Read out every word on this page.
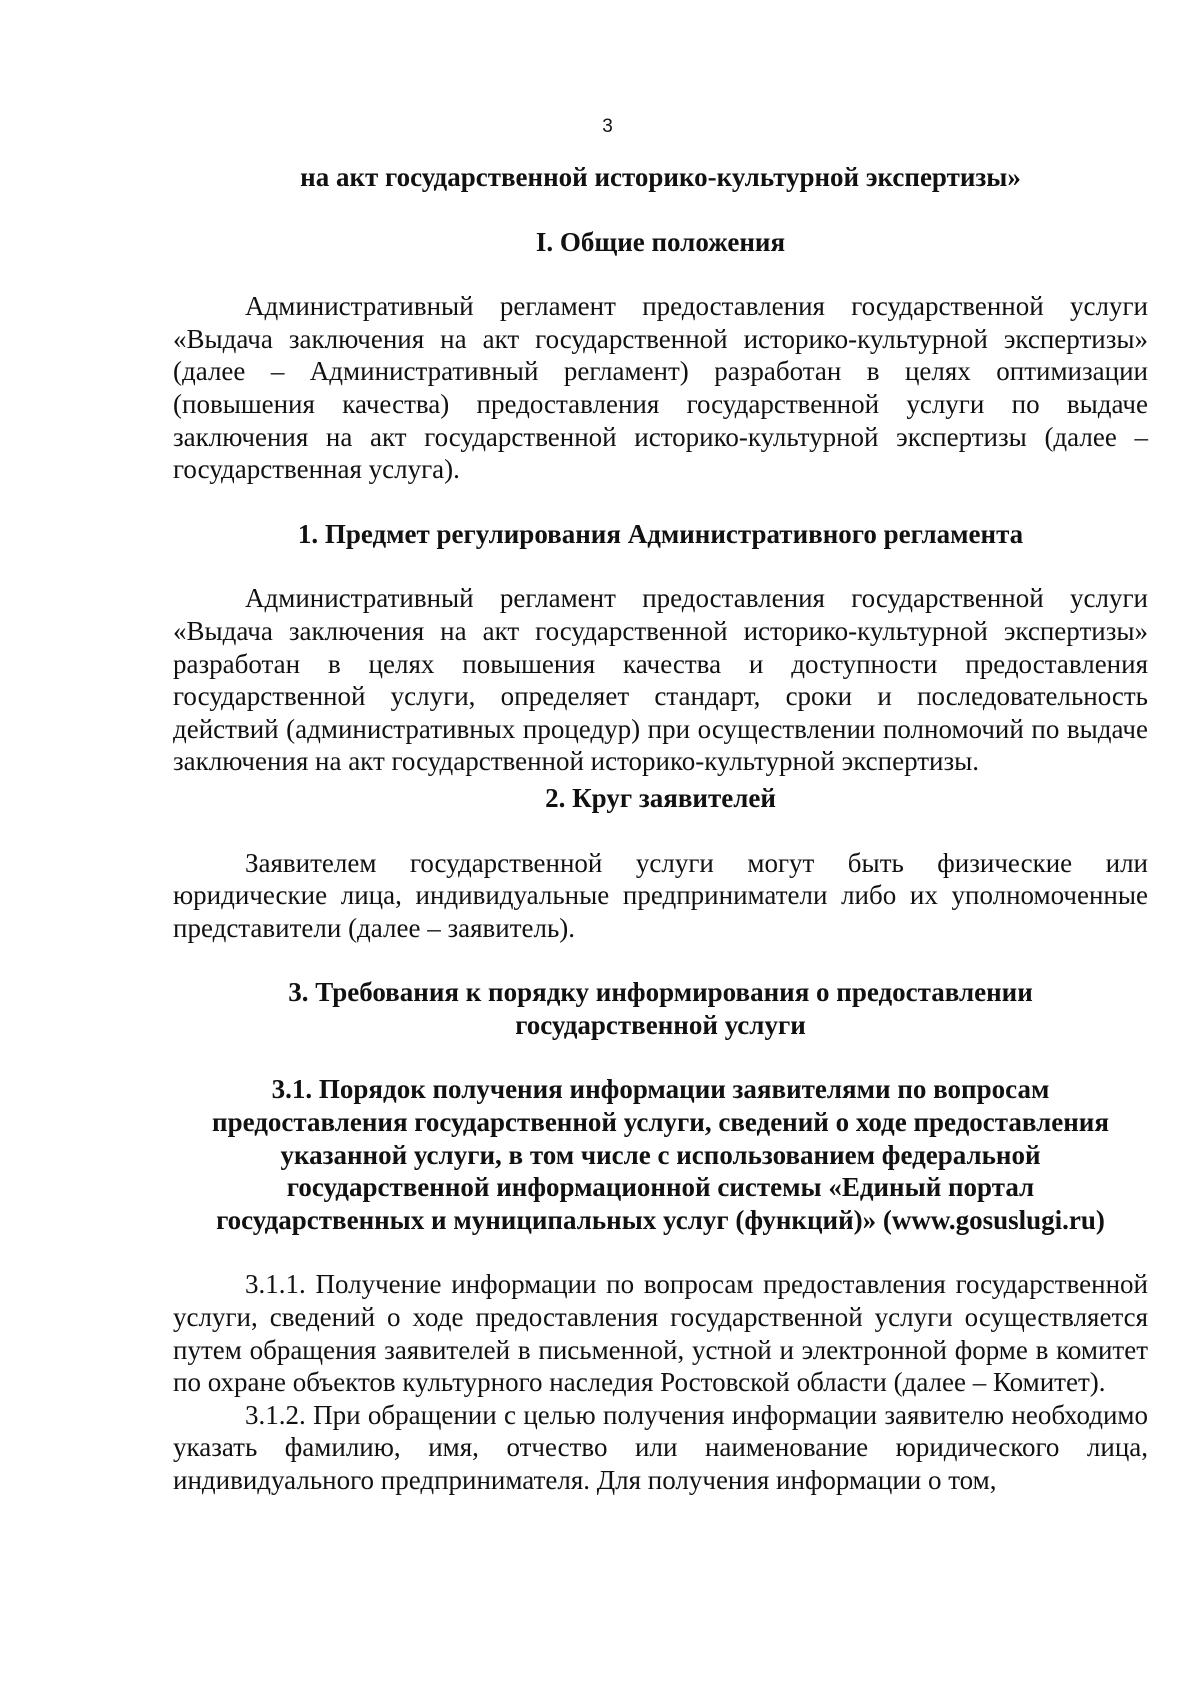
3

на акт государственной историко-культурной экспертизы»

I. Общие положения

Административный регламент предоставления государственной услуги «Выдача заключения на акт государственной историко-культурной экспертизы» (далее – Административный регламент) разработан в целях оптимизации (повышения качества) предоставления государственной услуги по выдаче заключения на акт государственной историко-культурной экспертизы (далее – государственная услуга).

1. Предмет регулирования Административного регламента

Административный регламент предоставления государственной услуги «Выдача заключения на акт государственной историко-культурной экспертизы» разработан в целях повышения качества и доступности предоставления государственной услуги, определяет стандарт, сроки и последовательность действий (административных процедур) при осуществлении полномочий по выдаче заключения на акт государственной историко-культурной экспертизы.

2. Круг заявителей

Заявителем государственной услуги могут быть физические или юридические лица, индивидуальные предприниматели либо их уполномоченные представители (далее – заявитель).

3. Требования к порядку информирования о предоставлении

государственной услуги

3.1. Порядок получения информации заявителями по вопросам

предоставления государственной услуги, сведений о ходе предоставления

указанной услуги, в том числе с использованием федеральной

государственной информационной системы «Единый портал

государственных и муниципальных услуг (функций)» (www.gosuslugi.ru)

3.1.1. Получение информации по вопросам предоставления государственной услуги, сведений о ходе предоставления государственной услуги осуществляется путем обращения заявителей в письменной, устной и электронной форме в комитет по охране объектов культурного наследия Ростовской области (далее – Комитет).

3.1.2. При обращении с целью получения информации заявителю необходимо указать фамилию, имя, отчество или наименование юридического лица, индивидуального предпринимателя. Для получения информации о том,
